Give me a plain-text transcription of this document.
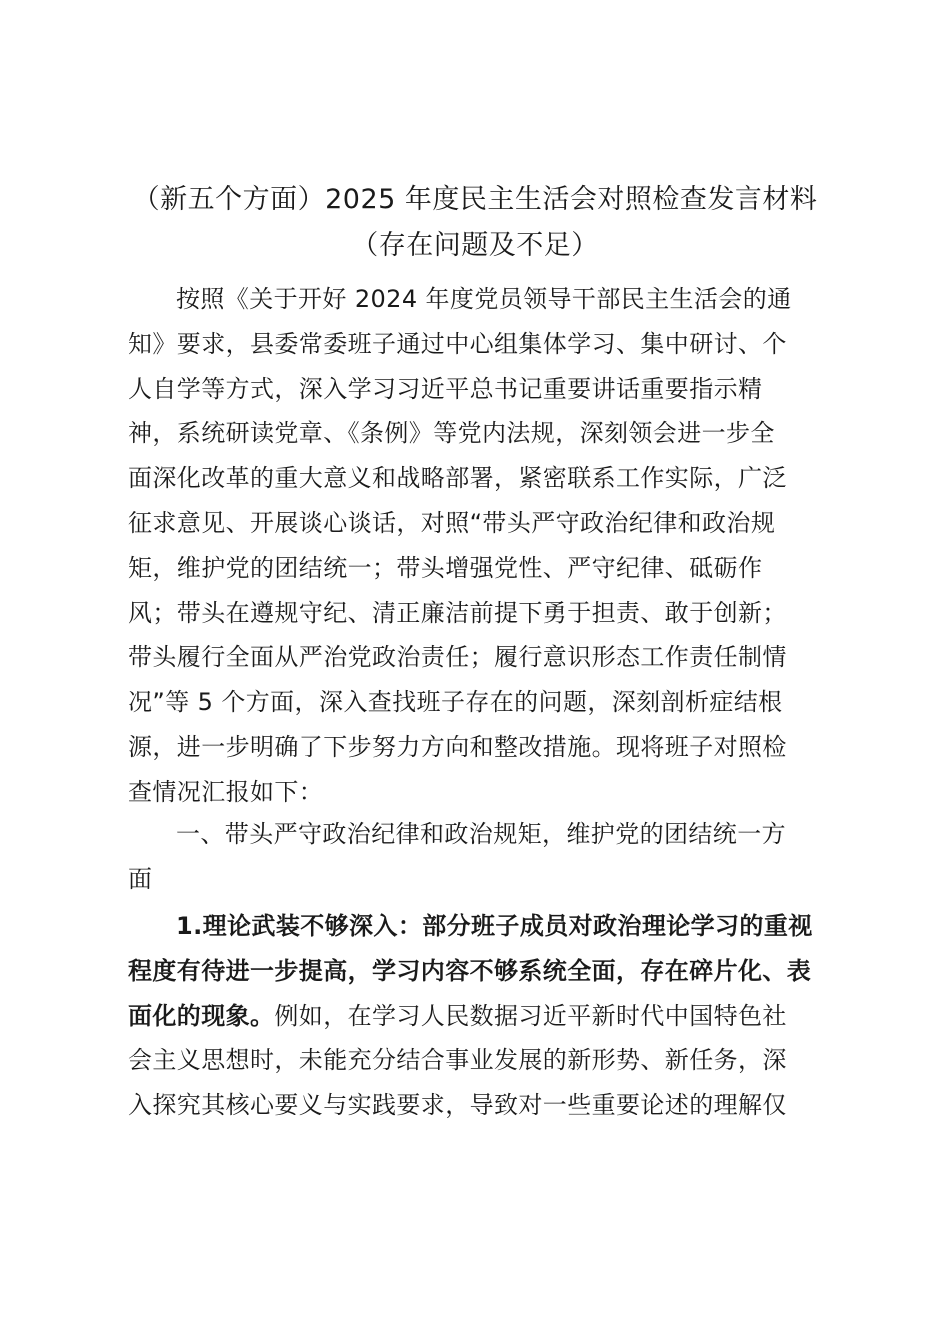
（新五个方面）2025 年度民主生活会对照检查发言材料
（存在问题及不足）
按照《关于开好 2024 年度党员领导干部民主生活会的通
知》要求，县委常委班子通过中心组集体学习、集中研讨、个
人自学等方式，深入学习习近平总书记重要讲话重要指示精
神，系统研读党章、《条例》等党内法规，深刻领会进一步全
面深化改革的重大意义和战略部署，紧密联系工作实际，广泛
征求意见、开展谈心谈话，对照“带头严守政治纪律和政治规
矩，维护党的团结统一；带头增强党性、严守纪律、砥砺作
风；带头在遵规守纪、清正廉洁前提下勇于担责、敢于创新；
带头履行全面从严治党政治责任；履行意识形态工作责任制情
况”等 5 个方面，深入查找班子存在的问题，深刻剖析症结根
源，进一步明确了下步努力方向和整改措施。现将班子对照检
查情况汇报如下：
一、带头严守政治纪律和政治规矩，维护党的团结统一方
面
1.理论武装不够深入：部分班子成员对政治理论学习的重视
程度有待进一步提高，学习内容不够系统全面，存在碎片化、表
面化的现象。例如，在学习人民数据习近平新时代中国特色社
会主义思想时，未能充分结合事业发展的新形势、新任务，深
入探究其核心要义与实践要求，导致对一些重要论述的理解仅
